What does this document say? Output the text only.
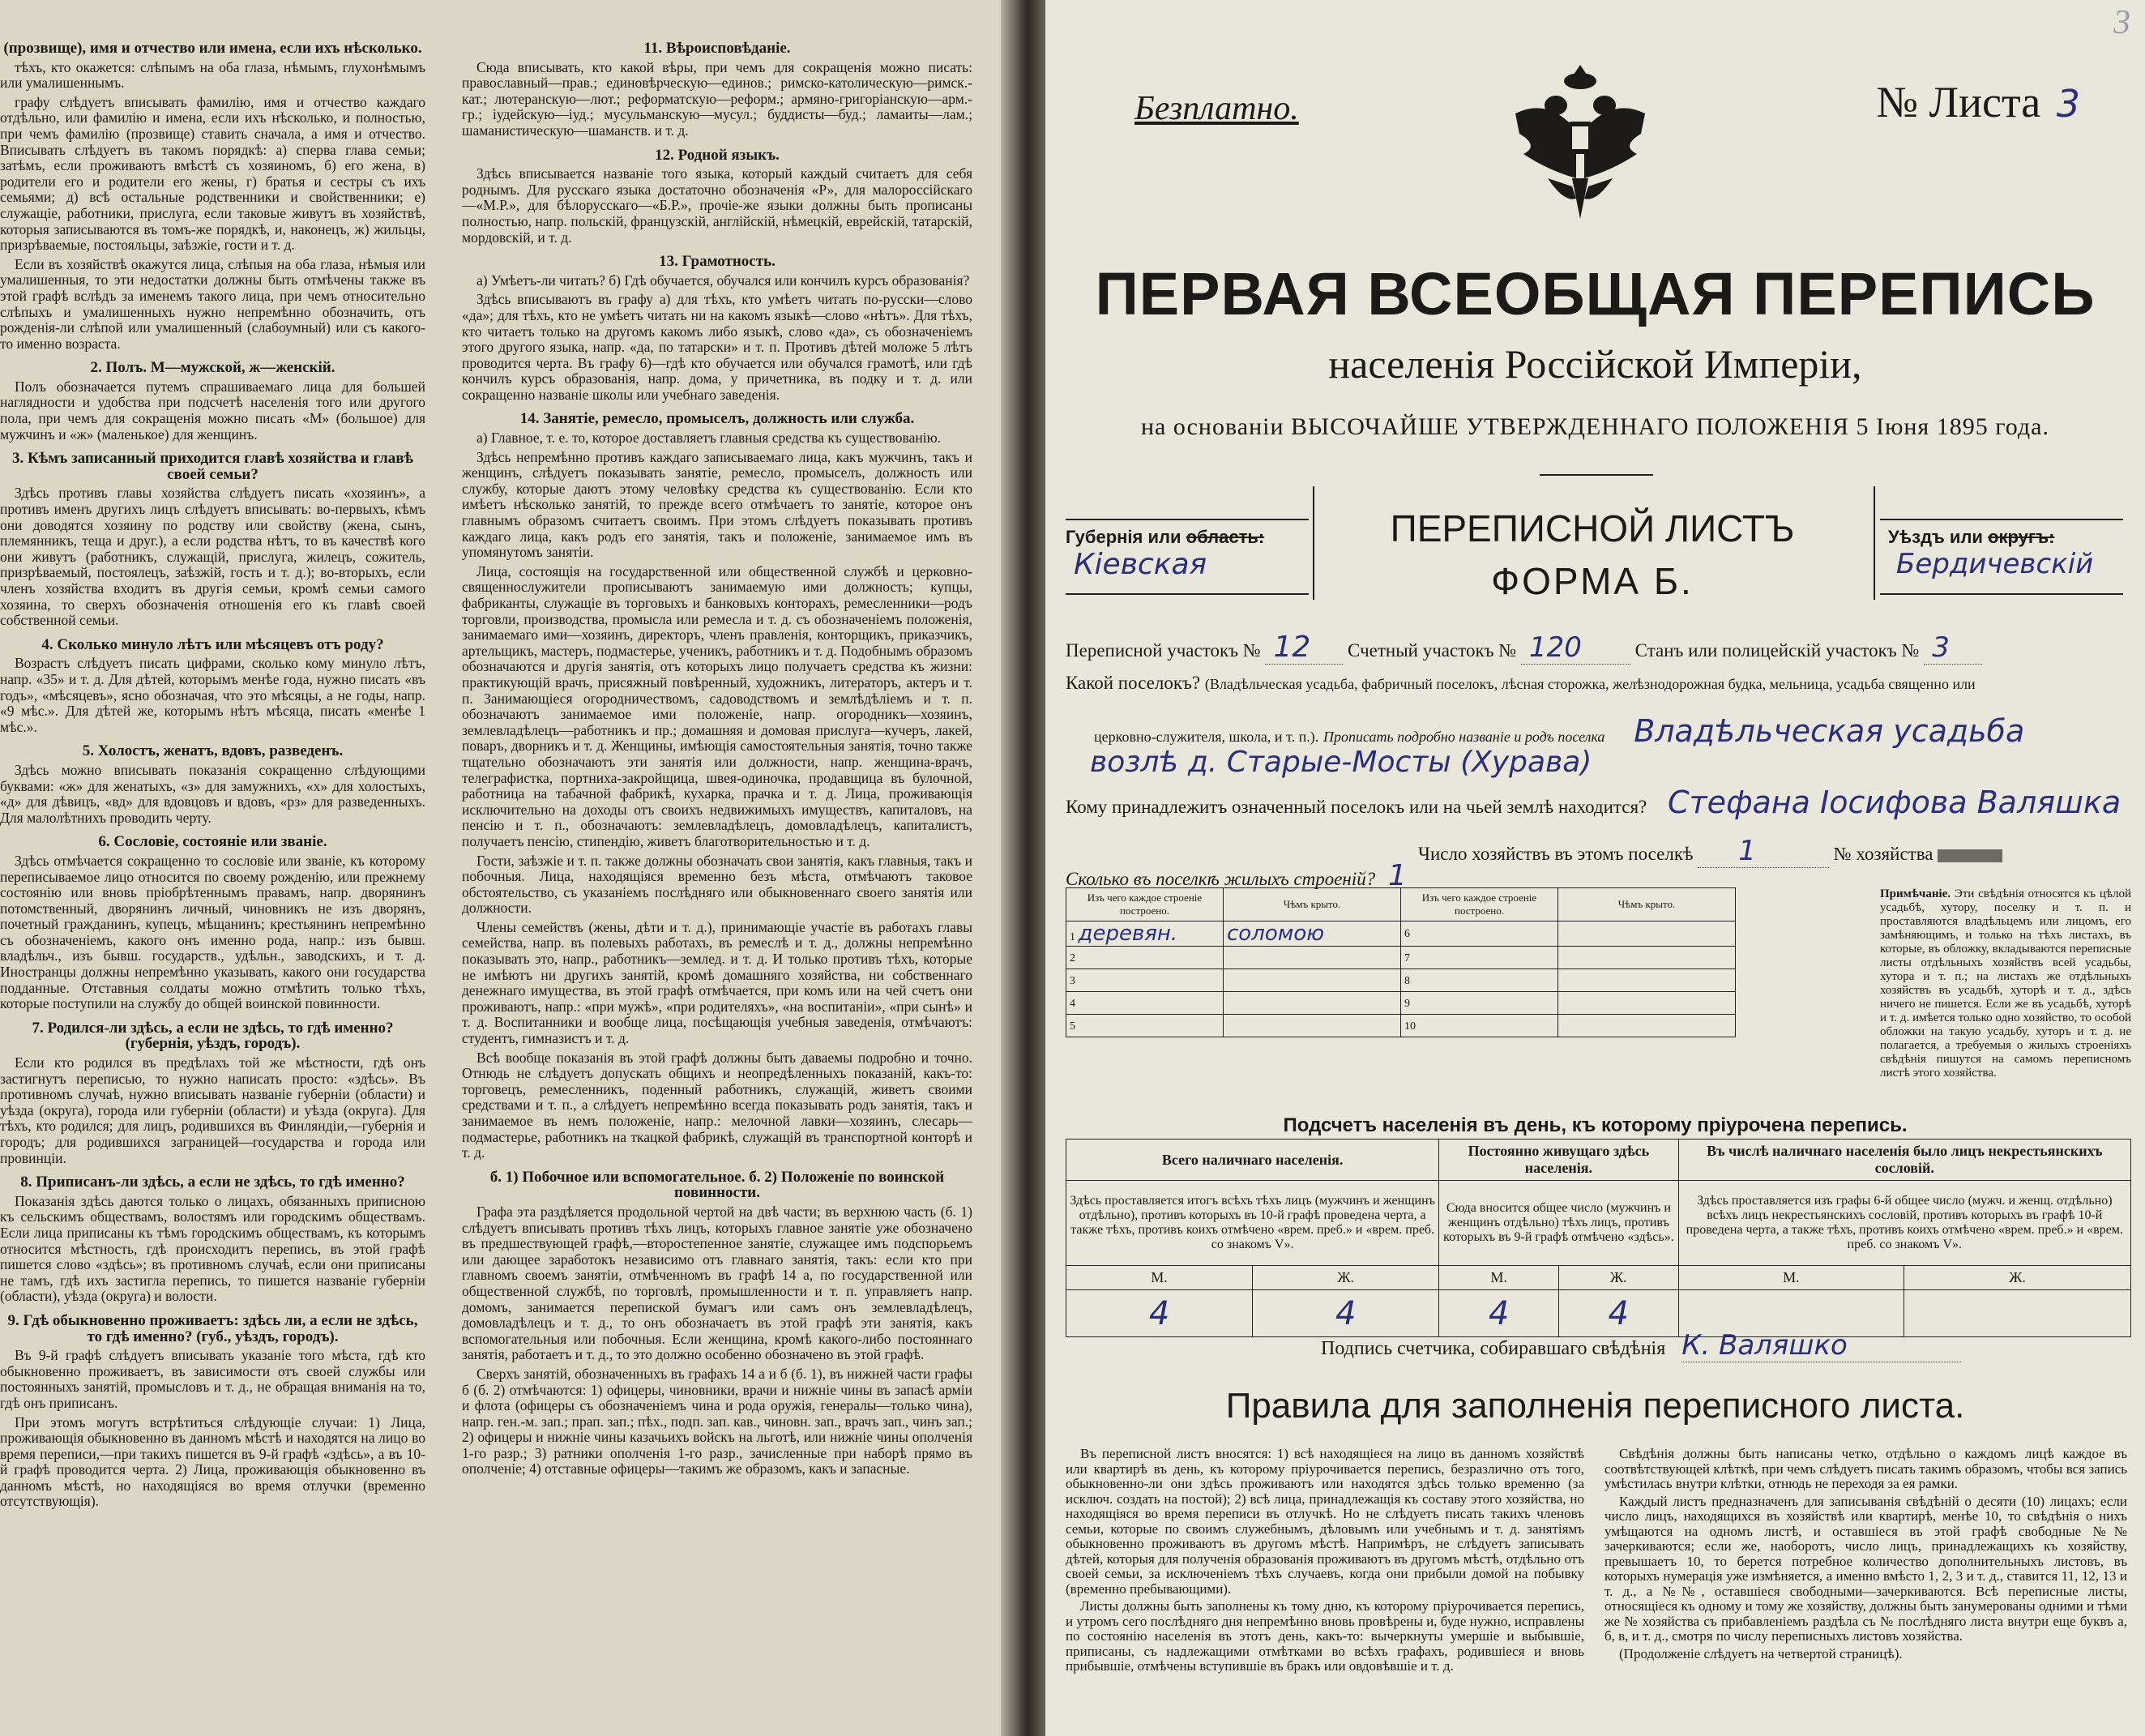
(прозвище), имя и отчество или имена, если ихъ нѣсколько.

тѣхъ, кто окажется: слѣпымъ на оба глаза, нѣмымъ, глухонѣмымъ или умалишеннымъ.

графу слѣдуетъ вписывать фамилію, имя и отчество каждаго отдѣльно, или фамилію и имена, если ихъ нѣсколько, и полностью, при чемъ фамилію (прозвище) ставить сначала, а имя и отчество. Вписывать слѣдуетъ въ такомъ порядкѣ: а) сперва глава семьи; затѣмъ, если проживаютъ вмѣстѣ съ хозяиномъ, б) его жена, в) родители его и родители его жены, г) братья и сестры съ ихъ семьями; д) всѣ остальные родственники и свойственники; е) служащіе, работники, прислуга, если таковые живутъ въ хозяйствѣ, которыя записываются въ томъ-же порядкѣ, и, наконецъ, ж) жильцы, призрѣваемые, постояльцы, заѣзжіе, гости и т. д.

Если въ хозяйствѣ окажутся лица, слѣпыя на оба глаза, нѣмыя или умалишенныя, то эти недостатки должны быть отмѣчены также въ этой графѣ вслѣдъ за именемъ такого лица, при чемъ относительно слѣпыхъ и умалишенныхъ нужно непремѣнно обозначить, отъ рожденія-ли слѣпой или умалишенный (слабоумный) или съ какого-то именно возраста.

2. Полъ. М—мужской, ж—женскій.

Полъ обозначается путемъ спрашиваемаго лица для большей наглядности и удобства при подсчетѣ населенія того или другого пола, при чемъ для сокращенія можно писать «М» (большое) для мужчинъ и «ж» (маленькое) для женщинъ.

3. Кѣмъ записанный приходится главѣ хозяйства и главѣ своей семьи?

Здѣсь противъ главы хозяйства слѣдуетъ писать «хозяинъ», а противъ именъ другихъ лицъ слѣдуетъ вписывать: во-первыхъ, кѣмъ они доводятся хозяину по родству или свойству (жена, сынъ, племянникъ, теща и друг.), а если родства нѣтъ, то въ качествѣ кого они живутъ (работникъ, служащій, прислуга, жилецъ, сожитель, призрѣваемый, постоялецъ, заѣзжій, гость и т. д.); во-вторыхъ, если членъ хозяйства входитъ въ другія семьи, кромѣ семьи самого хозяина, то сверхъ обозначенія отношенія его къ главѣ своей собственной семьи.

4. Сколько минуло лѣтъ или мѣсяцевъ отъ роду?

Возрастъ слѣдуетъ писать цифрами, сколько кому минуло лѣтъ, напр. «35» и т. д. Для дѣтей, которымъ менѣе года, нужно писать «въ годъ», «мѣсяцевъ», ясно обозначая, что это мѣсяцы, а не годы, напр. «9 мѣс.». Для дѣтей же, которымъ нѣтъ мѣсяца, писать «менѣе 1 мѣс.».

5. Холостъ, женатъ, вдовъ, разведенъ.

Здѣсь можно вписывать показанія сокращенно слѣдующими буквами: «ж» для женатыхъ, «з» для замужнихъ, «х» для холостыхъ, «д» для дѣвицъ, «вд» для вдовцовъ и вдовъ, «рз» для разведенныхъ. Для малолѣтнихъ проводить черту.

6. Сословіе, состояніе или званіе.

Здѣсь отмѣчается сокращенно то сословіе или званіе, къ которому переписываемое лицо относится по своему рожденію, или прежнему состоянію или вновь пріобрѣтеннымъ правамъ, напр. дворянинъ потомственный, дворянинъ личный, чиновникъ не изъ дворянъ, почетный гражданинъ, купецъ, мѣщанинъ; крестьянинъ непремѣнно съ обозначеніемъ, какого онъ именно рода, напр.: изъ бывш. владѣльч., изъ бывш. государств., удѣльн., заводскихъ, и т. д. Иностранцы должны непремѣнно указывать, какого они государства подданные. Отставныя солдаты можно отмѣтить только тѣхъ, которые поступили на службу до общей воинской повинности.

7. Родился-ли здѣсь, а если не здѣсь, то гдѣ именно? (губернія, уѣздъ, городъ).

Если кто родился въ предѣлахъ той же мѣстности, гдѣ онъ застигнутъ переписью, то нужно написать просто: «здѣсь». Въ противномъ случаѣ, нужно вписывать названіе губерніи (области) и уѣзда (округа), города или губерніи (области) и уѣзда (округа). Для тѣхъ, кто родился; для лицъ, родившихся въ Финляндіи,—губернія и городъ; для родившихся заграницей—государства и города или провинціи.

8. Приписанъ-ли здѣсь, а если не здѣсь, то гдѣ именно?

Показанія здѣсь даются только о лицахъ, обязанныхъ приписною къ сельскимъ обществамъ, волостямъ или городскимъ обществамъ. Если лица приписаны къ тѣмъ городскимъ обществамъ, къ которымъ относится мѣстность, гдѣ происходитъ перепись, въ этой графѣ пишется слово «здѣсь»; въ противномъ случаѣ, если они приписаны не тамъ, гдѣ ихъ застигла перепись, то пишется названіе губерніи (области), уѣзда (округа) и волости.

9. Гдѣ обыкновенно проживаетъ: здѣсь ли, а если не здѣсь, то гдѣ именно? (губ., уѣздъ, городъ).

Въ 9-й графѣ слѣдуетъ вписывать указаніе того мѣста, гдѣ кто обыкновенно проживаетъ, въ зависимости отъ своей службы или постоянныхъ занятій, промысловъ и т. д., не обращая вниманія на то, гдѣ онъ приписанъ.

При этомъ могутъ встрѣтиться слѣдующіе случаи: 1) Лица, проживающія обыкновенно въ данномъ мѣстѣ и находятся на лицо во время переписи,—при такихъ пишется въ 9-й графѣ «здѣсь», а въ 10-й графѣ проводится черта. 2) Лица, проживающія обыкновенно въ данномъ мѣстѣ, но находящіяся во время отлучки (временно отсутствующія).

11. Вѣроисповѣданіе.

Сюда вписывать, кто какой вѣры, при чемъ для сокращенія можно писать: православный—прав.; единовѣрческую—единов.; римско-католическую—римск.-кат.; лютеранскую—лют.; реформатскую—реформ.; армяно-григоріанскую—арм.-гр.; іудейскую—іуд.; мусульманскую—мусул.; буддисты—буд.; ламаиты—лам.; шаманистическую—шаманств. и т. д.

12. Родной языкъ.

Здѣсь вписывается названіе того языка, который каждый считаетъ для себя роднымъ. Для русскаго языка достаточно обозначенія «Р», для малороссійскаго—«М.Р.», для бѣлорусскаго—«Б.Р.», прочіе-же языки должны быть прописаны полностью, напр. польскій, французскій, англійскій, нѣмецкій, еврейскій, татарскій, мордовскій, и т. д.

13. Грамотность.

а) Умѣетъ-ли читать? б) Гдѣ обучается, обучался или кончилъ курсъ образованія?

Здѣсь вписываютъ въ графу а) для тѣхъ, кто умѣетъ читать по-русски—слово «да»; для тѣхъ, кто не умѣетъ читать ни на какомъ языкѣ—слово «нѣтъ». Для тѣхъ, кто читаетъ только на другомъ какомъ либо языкѣ, слово «да», съ обозначеніемъ этого другого языка, напр. «да, по татарски» и т. п. Противъ дѣтей моложе 5 лѣтъ проводится черта. Въ графу 6)—гдѣ кто обучается или обучался грамотѣ, или гдѣ кончилъ курсъ образованія, напр. дома, у причетника, въ подку и т. д. или сокращенно названіе школы или учебнаго заведенія.

14. Занятіе, ремесло, промыселъ, должность или служба.

а) Главное, т. е. то, которое доставляетъ главныя средства къ существованію.

Здѣсь непремѣнно противъ каждаго записываемаго лица, какъ мужчинъ, такъ и женщинъ, слѣдуетъ показывать занятіе, ремесло, промыселъ, должность или службу, которые даютъ этому человѣку средства къ существованію. Если кто имѣетъ нѣсколько занятій, то прежде всего отмѣчаетъ то занятіе, которое онъ главнымъ образомъ считаетъ своимъ. При этомъ слѣдуетъ показывать противъ каждаго лица, какъ родъ его занятія, такъ и положеніе, занимаемое имъ въ упомянутомъ занятіи.

Лица, состоящія на государственной или общественной службѣ и церковно-священнослужители прописываютъ занимаемую ими должность; купцы, фабриканты, служащіе въ торговыхъ и банковыхъ конторахъ, ремесленники—родъ торговли, производства, промысла или ремесла и т. д. съ обозначеніемъ положенія, занимаемаго ими—хозяинъ, директоръ, членъ правленія, конторщикъ, приказчикъ, артельщикъ, мастеръ, подмастерье, ученикъ, работникъ и т. д. Подобнымъ образомъ обозначаются и другія занятія, отъ которыхъ лицо получаетъ средства къ жизни: практикующій врачъ, присяжный повѣренный, художникъ, литераторъ, актеръ и т. п. Занимающіеся огородничествомъ, садоводствомъ и землѣдѣліемъ и т. п. обозначаютъ занимаемое ими положеніе, напр. огородникъ—хозяинъ, землевладѣлецъ—работникъ и пр.; домашняя и домовая прислуга—кучеръ, лакей, поваръ, дворникъ и т. д. Женщины, имѣющія самостоятельныя занятія, точно также тщательно обозначаютъ эти занятія или должности, напр. женщина-врачъ, телеграфистка, портниха-закройщица, швея-одиночка, продавщица въ булочной, работница на табачной фабрикѣ, кухарка, прачка и т. д. Лица, проживающія исключительно на доходы отъ своихъ недвижимыхъ имуществъ, капиталовъ, на пенсію и т. п., обозначаютъ: землевладѣлецъ, домовладѣлецъ, капиталистъ, получаетъ пенсію, стипендію, живетъ благотворительностью и т. д.

Гости, заѣзжіе и т. п. также должны обозначать свои занятія, какъ главныя, такъ и побочныя. Лица, находящіяся временно безъ мѣста, отмѣчаютъ таковое обстоятельство, съ указаніемъ послѣдняго или обыкновеннаго своего занятія или должности.

Члены семействъ (жены, дѣти и т. д.), принимающіе участіе въ работахъ главы семейства, напр. въ полевыхъ работахъ, въ ремеслѣ и т. д., должны непремѣнно показывать это, напр., работникъ—землед. и т. д. И только противъ тѣхъ, которые не имѣютъ ни другихъ занятій, кромѣ домашняго хозяйства, ни собственнаго денежнаго имущества, въ этой графѣ отмѣчается, при комъ или на чей счетъ они проживаютъ, напр.: «при мужѣ», «при родителяхъ», «на воспитаніи», «при сынѣ» и т. д. Воспитанники и вообще лица, посѣщающія учебныя заведенія, отмѣчаютъ: студентъ, гимназистъ и т. д.

Всѣ вообще показанія въ этой графѣ должны быть даваемы подробно и точно. Отнюдь не слѣдуетъ допускать общихъ и неопредѣленныхъ показаній, какъ-то: торговецъ, ремесленникъ, поденный работникъ, служащій, живетъ своими средствами и т. п., а слѣдуетъ непремѣнно всегда показывать родъ занятія, такъ и занимаемое въ немъ положеніе, напр.: мелочной лавки—хозяинъ, слесарь—подмастерье, работникъ на ткацкой фабрикѣ, служащій въ транспортной конторѣ и т. д.

б. 1) Побочное или вспомогательное. б. 2) Положеніе по воинской повинности.

Графа эта раздѣляется продольной чертой на двѣ части; въ верхнюю часть (б. 1) слѣдуетъ вписывать противъ тѣхъ лицъ, которыхъ главное занятіе уже обозначено въ предшествующей графѣ,—второстепенное занятіе, служащее имъ подспорьемъ или дающее заработокъ независимо отъ главнаго занятія, такъ: если кто при главномъ своемъ занятіи, отмѣченномъ въ графѣ 14 а, по государственной или общественной службѣ, по торговлѣ, промышленности и т. п. управляетъ напр. домомъ, занимается перепиской бумагъ или самъ онъ землевладѣлецъ, домовладѣлецъ и т. д., то онъ обозначаетъ въ этой графѣ эти занятія, какъ вспомогательныя или побочныя. Если женщина, кромѣ какого-либо постояннаго занятія, работаетъ и т. д., то это должно особенно обозначено въ этой графѣ.

Сверхъ занятій, обозначенныхъ въ графахъ 14 а и б (б. 1), въ нижней части графы б (б. 2) отмѣчаются: 1) офицеры, чиновники, врачи и нижніе чины въ запасѣ арміи и флота (офицеры съ обозначеніемъ чина и рода оружія, генералы—только чина), напр. ген.-м. зап.; прап. зап.; пѣх., подп. зап. кав., чиновн. зап., врачъ зап., чинъ зап.; 2) офицеры и нижніе чины казачьихъ войскъ на льготѣ, или нижніе чины ополченія 1-го разр.; 3) ратники ополченія 1-го разр., зачисленные при наборѣ прямо въ ополченіе; 4) отставные офицеры—такимъ же образомъ, какъ и запасные.

3
Безплатно.	№ Листа 3
ПЕРВАЯ ВСЕОБЩАЯ ПЕРЕПИСЬ
населенія Россійской Имперіи,
на основаніи ВЫСОЧАЙШЕ УТВЕРЖДЕННАГО ПОЛОЖЕНІЯ 5 Іюня 1895 года.
Губернія или область:
Кіевская
ПЕРЕПИСНОЙ ЛИСТЪ
ФОРМА Б.
Уѣздъ или округъ:
Бердичевскій
Переписной участокъ № 12 Счетный участокъ № 120	Станъ или полицейскій участокъ № 3
Какой поселокъ? (Владѣльческая усадьба, фабричный поселокъ, лѣсная сторожка, желѣзнодорожная будка, мельница, усадьба священно или
церковно-служителя, школа, и т. п.). Прописать подробно названіе и родъ поселка Владѣльческая усадьба
возлѣ д. Старые-Мосты (Хурава)
Кому принадлежитъ означенный поселокъ или на чьей землѣ находится? Стефана Іосифова Валяшка
Число хозяйствъ въ этомъ поселкѣ 1	№ хозяйства
Сколько въ поселкѣ жилыхъ строеній? 1
Изъ чего каждое строеніе построено.	Чѣмъ крыто.	Изъ чего каждое строеніе построено.	Чѣмъ крыто.
1 деревян.	соломою	6	
2		7	
3		8	
4		9	
5		10	
Примѣчаніе. Эти свѣдѣнія относятся къ цѣлой усадьбѣ, хутору, поселку и т. п. и проставляются владѣльцемъ или лицомъ, его замѣняющимъ, и только на тѣхъ листахъ, въ которые, въ обложку, вкладываются переписные листы отдѣльныхъ хозяйствъ всей усадьбы, хутора и т. п.; на листахъ же отдѣльныхъ хозяйствъ въ усадьбѣ, хуторѣ и т. д., здѣсь ничего не пишется. Если же въ усадьбѣ, хуторѣ и т. д. имѣется только одно хозяйство, то особой обложки на такую усадьбу, хуторъ и т. д. не полагается, а требуемыя о жилыхъ строеніяхъ свѣдѣнія пишутся на самомъ переписномъ листѣ этого хозяйства.
Подсчетъ населенія въ день, къ которому пріурочена перепись.
Всего наличнаго населенія.		Постоянно живущаго здѣсь населенія.		Въ числѣ наличнаго населенія было лицъ некрестьянскихъ сословій.	
Здѣсь проставляется итогъ всѣхъ тѣхъ лицъ (мужчинъ и женщинъ отдѣльно), противъ которыхъ въ 10-й графѣ проведена черта, а также тѣхъ, противъ коихъ отмѣчено «врем. преб.» и «врем. преб. со знакомъ V».		Сюда вносится общее число (мужчинъ и женщинъ отдѣльно) тѣхъ лицъ, противъ которыхъ въ 9-й графѣ отмѣчено «здѣсь».		Здѣсь проставляется изъ графы 6-й общее число (мужч. и женщ. отдѣльно) всѣхъ лицъ некрестьянскихъ сословій, противъ которыхъ въ графѣ 10-й проведена черта, а также тѣхъ, противъ коихъ отмѣчено «врем. преб.» и «врем. преб. со знакомъ V».	
М.	Ж.	М.	Ж.	М.	Ж.
4	4	4	4		
Подпись счетчика, собиравшаго свѣдѣнія К. Валяшко
Правила для заполненія переписного листа.

Въ переписной листъ вносятся: 1) всѣ находящіеся на лицо въ данномъ хозяйствѣ или квартирѣ въ день, къ которому пріурочивается перепись, безразлично отъ того, обыкновенно-ли они здѣсь проживаютъ или находятся здѣсь только временно (за исключ. создать на постой); 2) всѣ лица, принадлежащія къ составу этого хозяйства, но находящіяся во время переписи въ отлучкѣ. Но не слѣдуетъ писать такихъ членовъ семьи, которые по своимъ служебнымъ, дѣловымъ или учебнымъ и т. д. занятіямъ обыкновенно проживаютъ въ другомъ мѣстѣ. Напримѣръ, не слѣдуетъ записывать дѣтей, которыя для полученія образованія проживаютъ въ другомъ мѣстѣ, отдѣльно отъ своей семьи, за исключеніемъ тѣхъ случаевъ, когда они прибыли домой на побывку (временно пребывающими).

Листы должны быть заполнены къ тому дню, къ которому пріурочивается перепись, и утромъ сего послѣдняго дня непремѣнно вновь провѣрены и, буде нужно, исправлены по состоянію населенія въ этотъ день, какъ-то: вычеркнуты умершіе и выбывшіе, приписаны, съ надлежащими отмѣтками во всѣхъ графахъ, родившіеся и вновь прибывшіе, отмѣчены вступившіе въ бракъ или овдовѣвшіе и т. д.

Свѣдѣнія должны быть написаны четко, отдѣльно о каждомъ лицѣ каждое въ соотвѣтствующей клѣткѣ, при чемъ слѣдуетъ писать такимъ образомъ, чтобы вся запись умѣстилась внутри клѣтки, отнюдь не переходя за ея рамки.

Каждый листъ предназначенъ для записыванія свѣдѣній о десяти (10) лицахъ; если число лицъ, находящихся въ хозяйствѣ или квартирѣ, менѣе 10, то свѣдѣнія о нихъ умѣщаются на одномъ листѣ, и оставшіеся въ этой графѣ свободные №№ зачеркиваются; если же, наоборотъ, число лицъ, принадлежащихъ къ хозяйству, превышаетъ 10, то берется потребное количество дополнительныхъ листовъ, въ которыхъ нумерація уже измѣняется, а именно вмѣсто 1, 2, 3 и т. д., ставится 11, 12, 13 и т. д., а №№, оставшіеся свободными—зачеркиваются. Всѣ переписные листы, относящіеся къ одному и тому же хозяйству, должны быть занумерованы одними и тѣми же № хозяйства съ прибавленіемъ раздѣла съ № послѣдняго листа внутри еще буквъ а, б, в, и т. д., смотря по числу переписныхъ листовъ хозяйства.

(Продолженіе слѣдуетъ на четвертой страницѣ).
